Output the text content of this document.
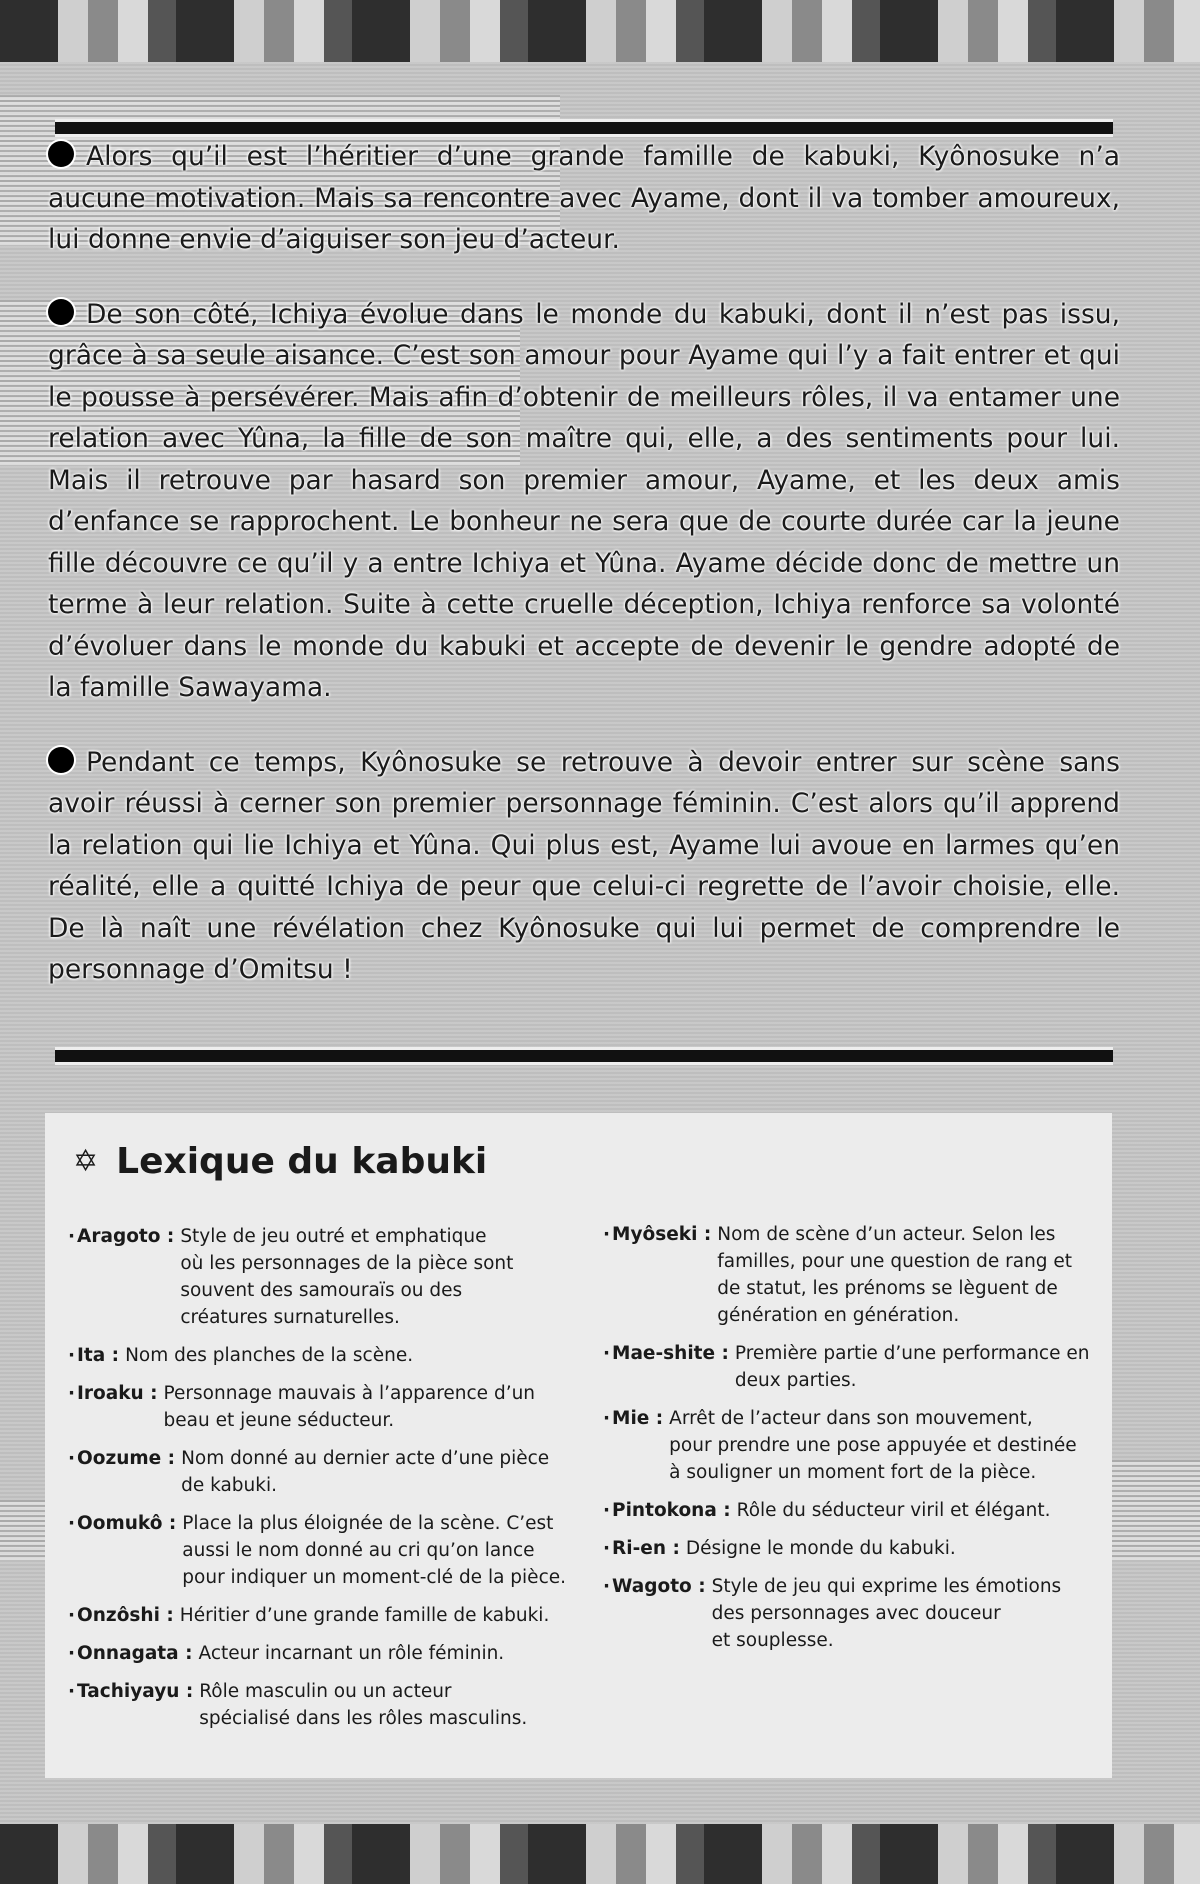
Alors qu’il est l’héritier d’une grande famille de kabuki, Kyônosuke n’a aucune motivation. Mais sa rencontre avec Ayame, dont il va tomber amoureux, lui donne envie d’aiguiser son jeu d’acteur.

De son côté, Ichiya évolue dans le monde du kabuki, dont il n’est pas issu, grâce à sa seule aisance. C’est son amour pour Ayame qui l’y a fait entrer et qui le pousse à persévérer. Mais afin d’obtenir de meilleurs rôles, il va entamer une relation avec Yûna, la fille de son maître qui, elle, a des sentiments pour lui. Mais il retrouve par hasard son premier amour, Ayame, et les deux amis d’enfance se rapprochent. Le bonheur ne sera que de courte durée car la jeune fille découvre ce qu’il y a entre Ichiya et Yûna. Ayame décide donc de mettre un terme à leur relation. Suite à cette cruelle déception, Ichiya renforce sa volonté d’évoluer dans le monde du kabuki et accepte de devenir le gendre adopté de la famille Sawayama.

Pendant ce temps, Kyônosuke se retrouve à devoir entrer sur scène sans avoir réussi à cerner son premier personnage féminin. C’est alors qu’il apprend la relation qui lie Ichiya et Yûna. Qui plus est, Ayame lui avoue en larmes qu’en réalité, elle a quitté Ichiya de peur que celui-ci regrette de l’avoir choisie, elle. De là naît une révélation chez Kyônosuke qui lui permet de comprendre le personnage d’Omitsu !

✡ Lexique du kabuki
· Aragoto : Style de jeu outré et emphatique
où les personnages de la pièce sont
souvent des samouraïs ou des
créatures surnaturelles.
· Ita : Nom des planches de la scène.
· Iroaku : Personnage mauvais à l’apparence d’un
beau et jeune séducteur.
· Oozume : Nom donné au dernier acte d’une pièce
de kabuki.
· Oomukô : Place la plus éloignée de la scène. C’est
aussi le nom donné au cri qu’on lance
pour indiquer un moment-clé de la pièce.
· Onzôshi : Héritier d’une grande famille de kabuki.
· Onnagata : Acteur incarnant un rôle féminin.
· Tachiyayu : Rôle masculin ou un acteur
spécialisé dans les rôles masculins.
· Myôseki : Nom de scène d’un acteur. Selon les
familles, pour une question de rang et
de statut, les prénoms se lèguent de
génération en génération.
· Mae-shite : Première partie d’une performance en
deux parties.
· Mie : Arrêt de l’acteur dans son mouvement,
pour prendre une pose appuyée et destinée
à souligner un moment fort de la pièce.
· Pintokona : Rôle du séducteur viril et élégant.
· Ri-en : Désigne le monde du kabuki.
· Wagoto : Style de jeu qui exprime les émotions
des personnages avec douceur
et souplesse.
